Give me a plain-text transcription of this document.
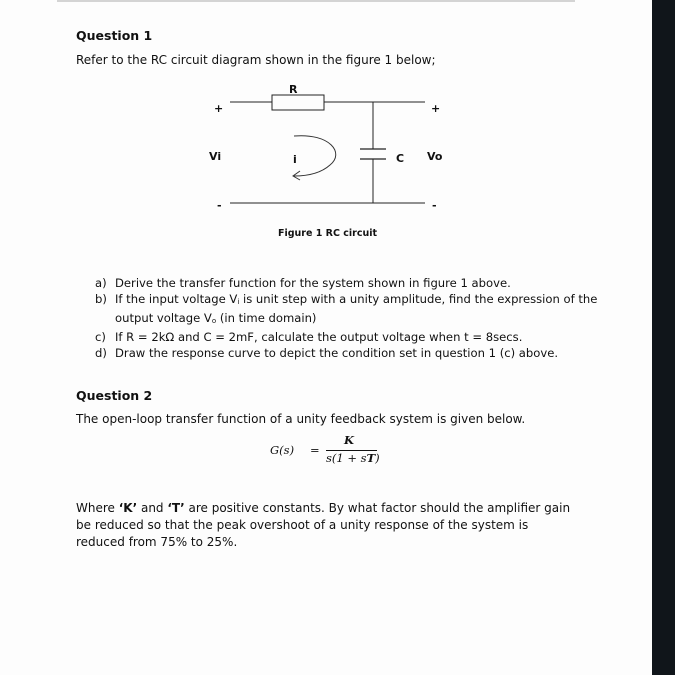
Question 1
Refer to the RC circuit diagram shown in the figure 1 below;
R
+	+
Vi	i	C Vo
-	-
Figure 1 RC circuit
a) Derive the transfer function for the system shown in figure 1 above.
b) If the input voltage $V_i$ is unit step with a unity amplitude, find the expression of the
output voltage $V_o$ (in time domain)
c) If R = 2kΩ and C = 2mF, calculate the output voltage when t = 8secs.
d) Draw the response curve to depict the condition set in question 1 (c) above.
Question 2
The open-loop transfer function of a unity feedback system is given below.
G(s) =
K
s(1 + sT)
Where ‘K’ and ‘T’ are positive constants. By what factor should the amplifier gain be reduced so that the peak overshoot of a unity response of the system is reduced from 75% to 25%.
